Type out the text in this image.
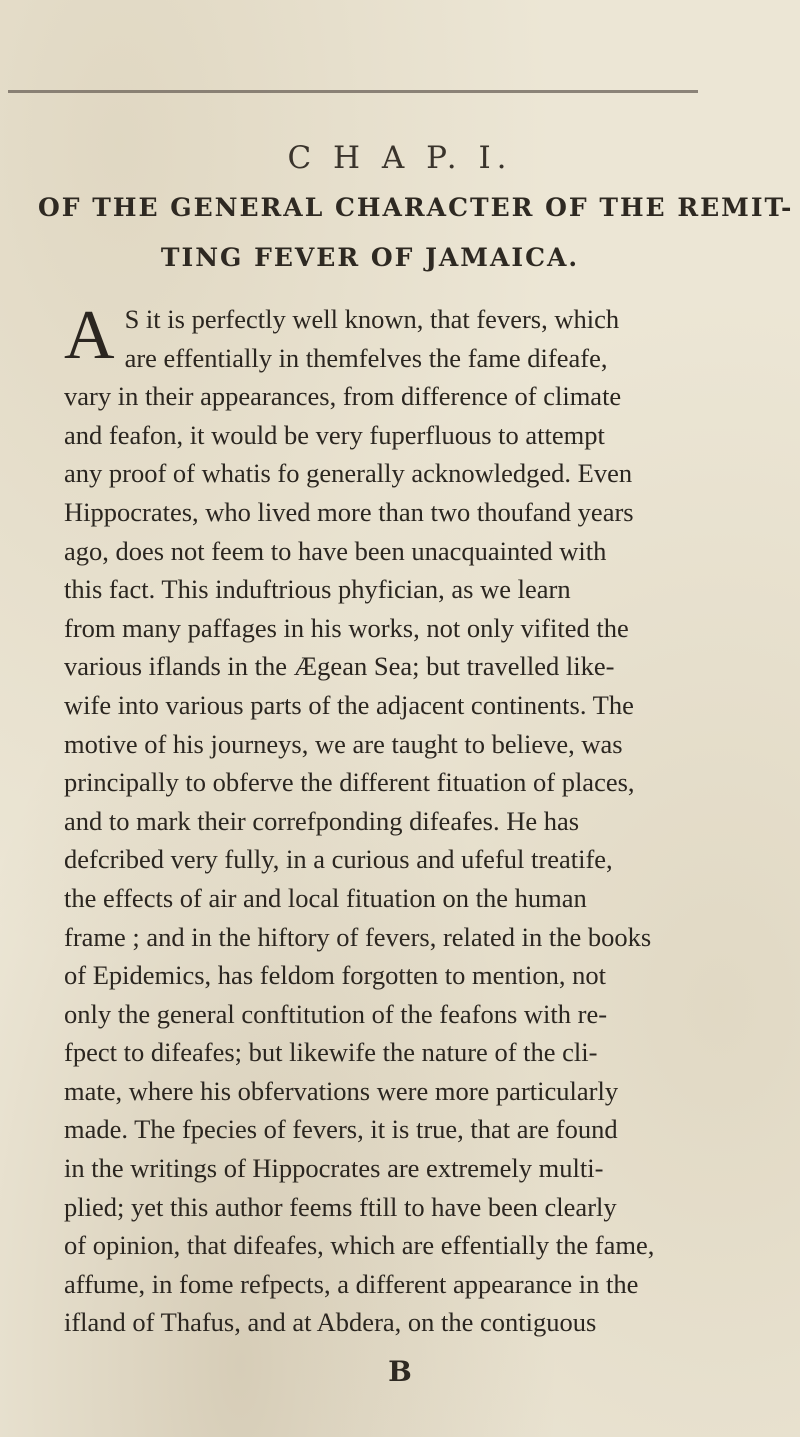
C H A P. I.
OF THE GENERAL CHARACTER OF THE REMIT-
TING FEVER OF JAMAICA.
A S it is perfectly well known, that fevers, which
are effentially in themfelves the fame difeafe,
vary in their appearances, from difference of climate
and feafon, it would be very fuperfluous to attempt
any proof of whatis fo generally acknowledged. Even
Hippocrates, who lived more than two thoufand years
ago, does not feem to have been unacquainted with
this fact. This induftrious phyfician, as we learn
from many paffages in his works, not only vifited the
various iflands in the Ægean Sea; but travelled like-
wife into various parts of the adjacent continents. The
motive of his journeys, we are taught to believe, was
principally to obferve the different fituation of places,
and to mark their correfponding difeafes. He has
defcribed very fully, in a curious and ufeful treatife,
the effects of air and local fituation on the human
frame ; and in the hiftory of fevers, related in the books
of Epidemics, has feldom forgotten to mention, not
only the general conftitution of the feafons with re-
fpect to difeafes; but likewife the nature of the cli-
mate, where his obfervations were more particularly
made. The fpecies of fevers, it is true, that are found
in the writings of Hippocrates are extremely multi-
plied; yet this author feems ftill to have been clearly
of opinion, that difeafes, which are effentially the fame,
affume, in fome refpects, a different appearance in the
ifland of Thafus, and at Abdera, on the contiguous
B
